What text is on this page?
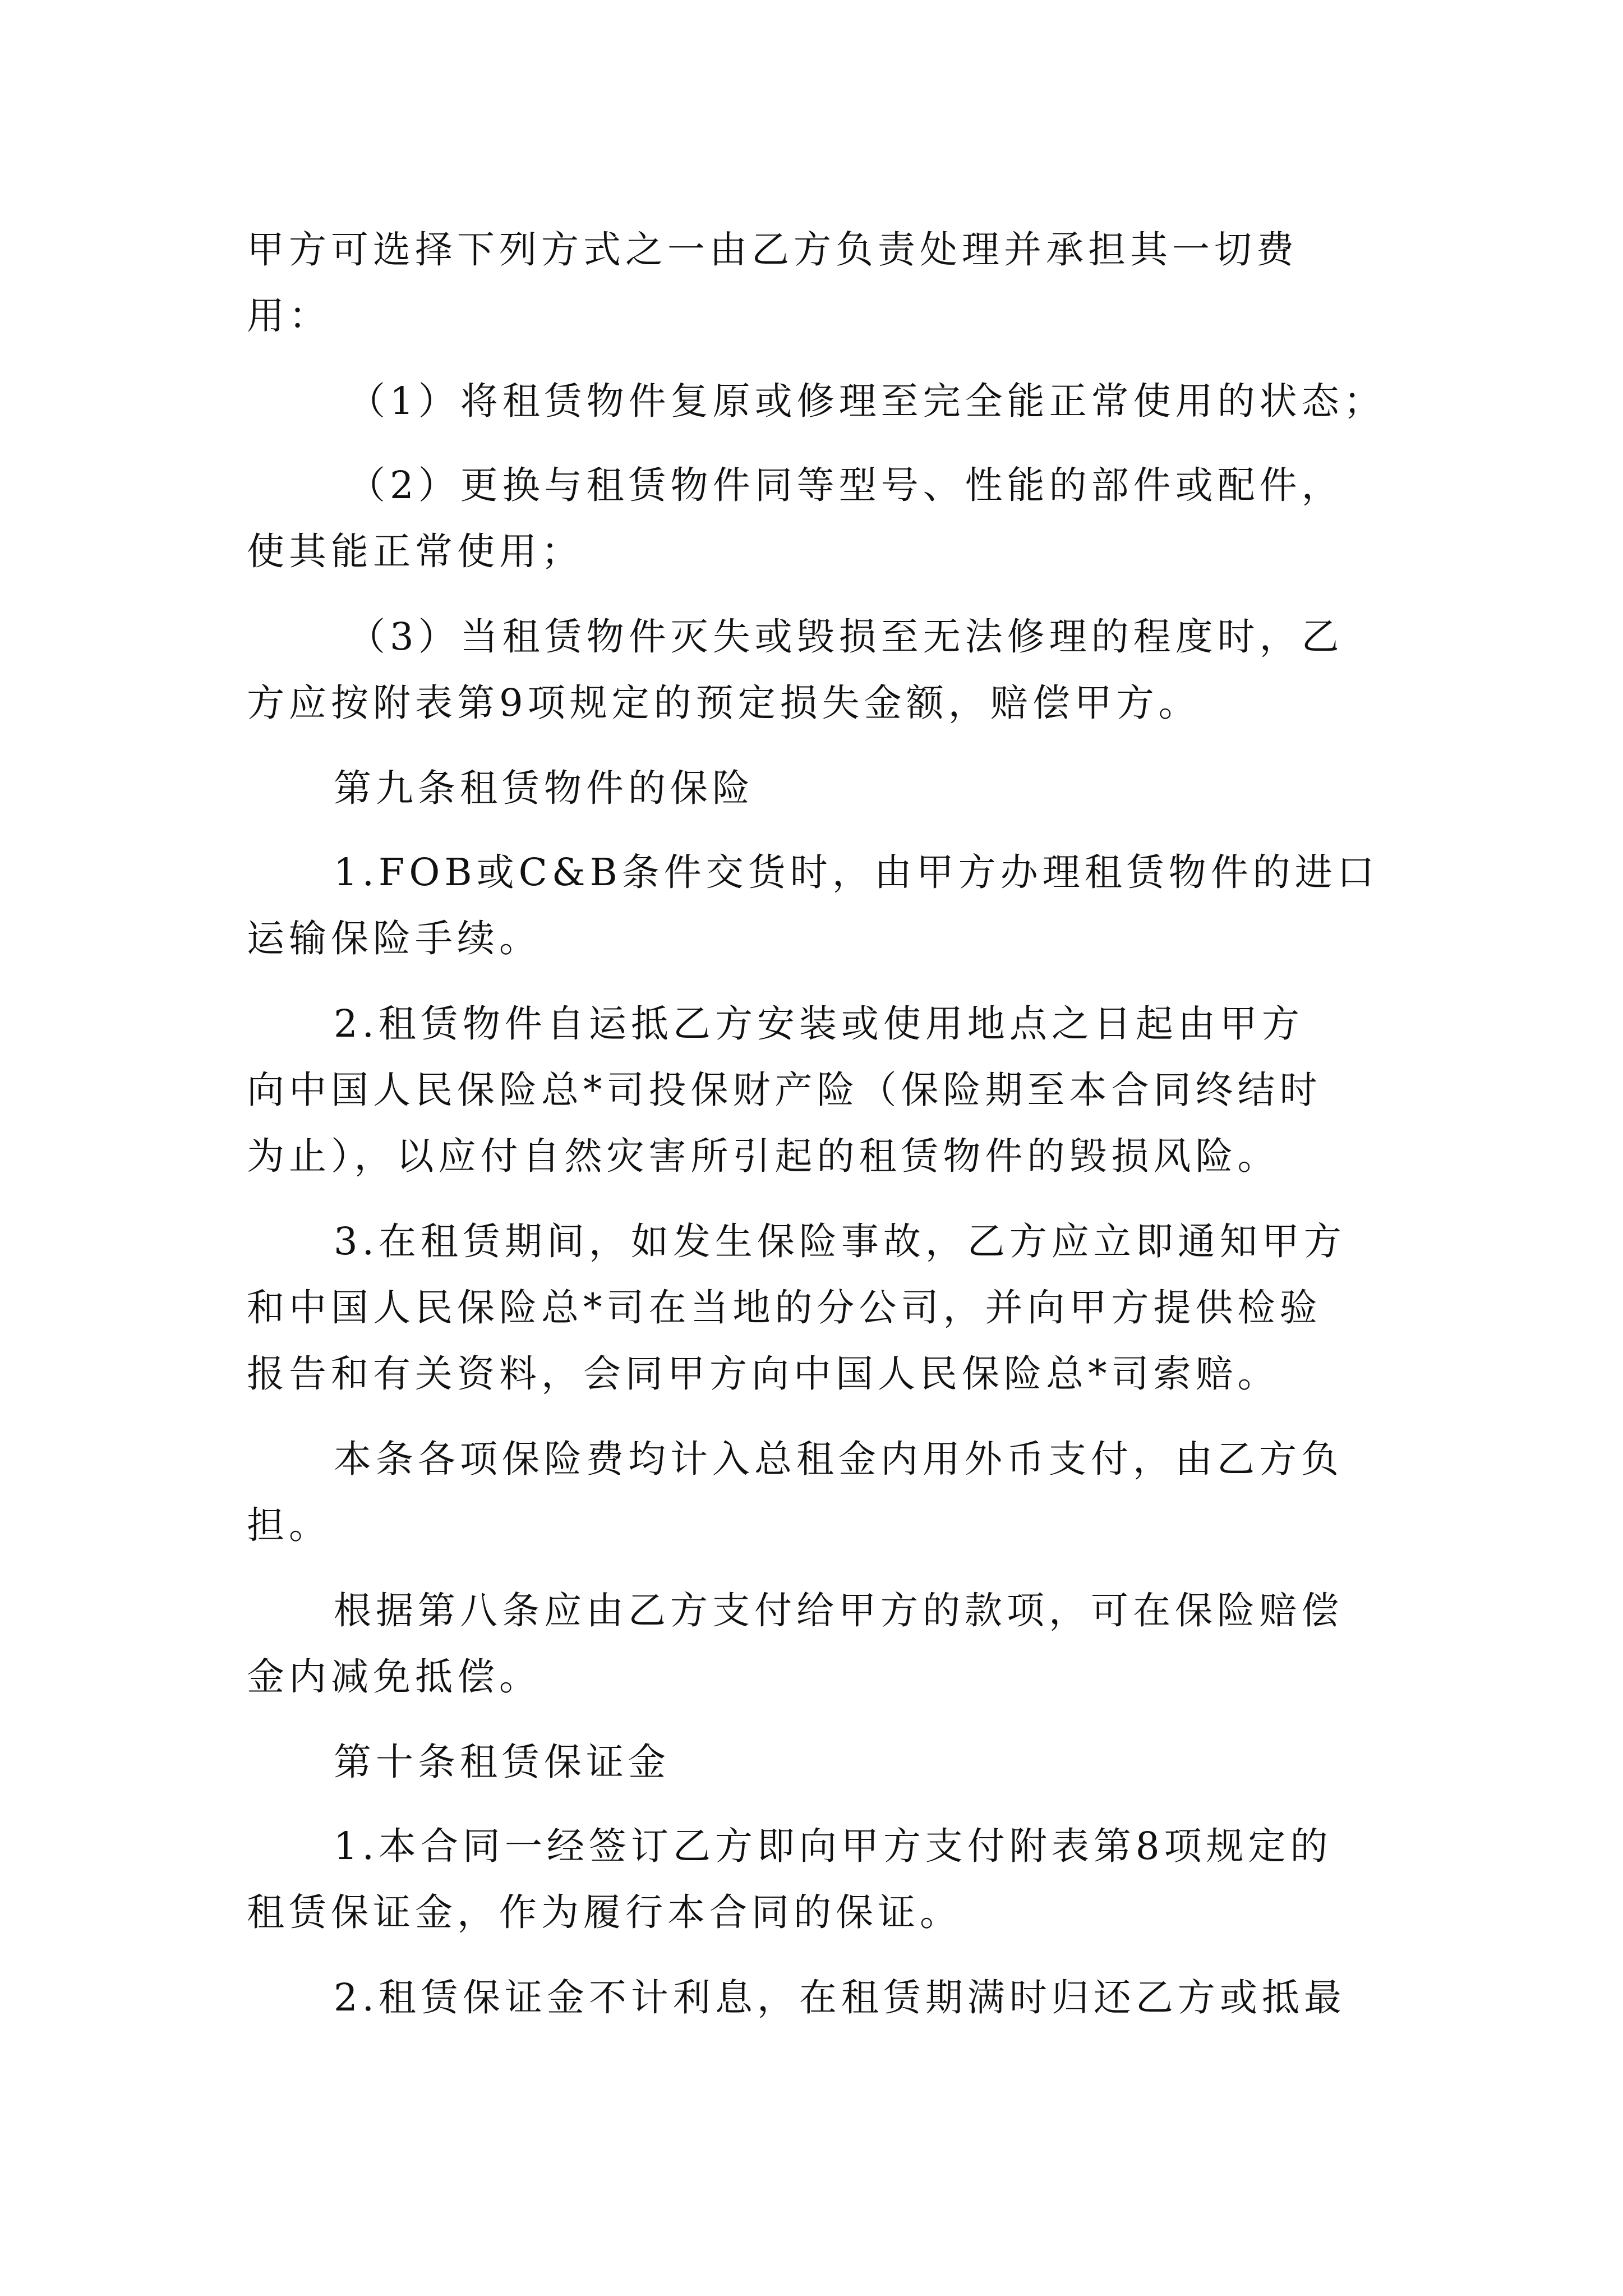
甲方可选择下列方式之一由乙方负责处理并承担其一切费
用：
（1）将租赁物件复原或修理至完全能正常使用的状态；
（2）更换与租赁物件同等型号、性能的部件或配件，
使其能正常使用；
（3）当租赁物件灭失或毁损至无法修理的程度时，乙
方应按附表第9项规定的预定损失金额，赔偿甲方。
第九条租赁物件的保险
1.FOB或C&B条件交货时，由甲方办理租赁物件的进口
运输保险手续。
2.租赁物件自运抵乙方安装或使用地点之日起由甲方
向中国人民保险总*司投保财产险（保险期至本合同终结时
为止），以应付自然灾害所引起的租赁物件的毁损风险。
3.在租赁期间，如发生保险事故，乙方应立即通知甲方
和中国人民保险总*司在当地的分公司，并向甲方提供检验
报告和有关资料，会同甲方向中国人民保险总*司索赔。
本条各项保险费均计入总租金内用外币支付，由乙方负
担。
根据第八条应由乙方支付给甲方的款项，可在保险赔偿
金内减免抵偿。
第十条租赁保证金
1.本合同一经签订乙方即向甲方支付附表第8项规定的
租赁保证金，作为履行本合同的保证。
2.租赁保证金不计利息，在租赁期满时归还乙方或抵最
